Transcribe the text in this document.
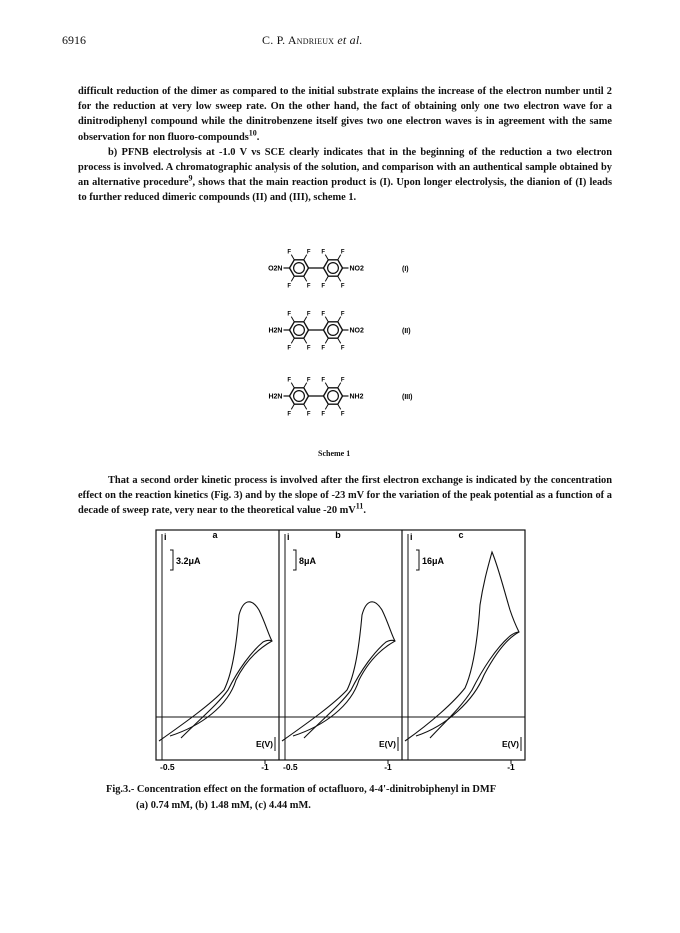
6916	C. P. Andrieux et al.

difficult reduction of the dimer as compared to the initial substrate explains the increase of the electron number until 2 for the reduction at very low sweep rate. On the other hand, the fact of obtaining only one two electron wave for a dinitrodiphenyl compound while the dinitrobenzene itself gives two one electron waves is in agreement with the same observation for non fluoro-compounds$^{10}$.

b) PFNB electrolysis at -1.0 V vs SCE clearly indicates that in the beginning of the reduction a two electron process is involved. A chromatographic analysis of the solution, and comparison with an authentical sample obtained by an alternative procedure$^9$, shows that the main reaction product is (I). Upon longer electrolysis, the dianion of (I) leads to further reduced dimeric compounds (II) and (III), scheme 1.

F
F
F
F
F
F
F
F
O2N	NO2	(I)
F
F
F
F
F
F
F
F
H2N	NO2	(II)
F
F
F
F
F
F
F
F
H2N	NH2	(III)
Scheme 1

That a second order kinetic process is involved after the first electron exchange is indicated by the concentration effect on the reaction kinetics (Fig. 3) and by the slope of -23 mV for the variation of the peak potential as a function of a decade of sweep rate, very near to the theoretical value -20 $mV^{11}$.

i	a
3.2μA
E(V)
i	b
8μA
E(V)
i	c
16μA
E(V)
-0.5	-1 -0.5	-1	-1

Fig.3.- Concentration effect on the formation of octafluoro, 4-4'-dinitrobiphenyl in DMF

(a) 0.74 mM, (b) 1.48 mM, (c) 4.44 mM.
